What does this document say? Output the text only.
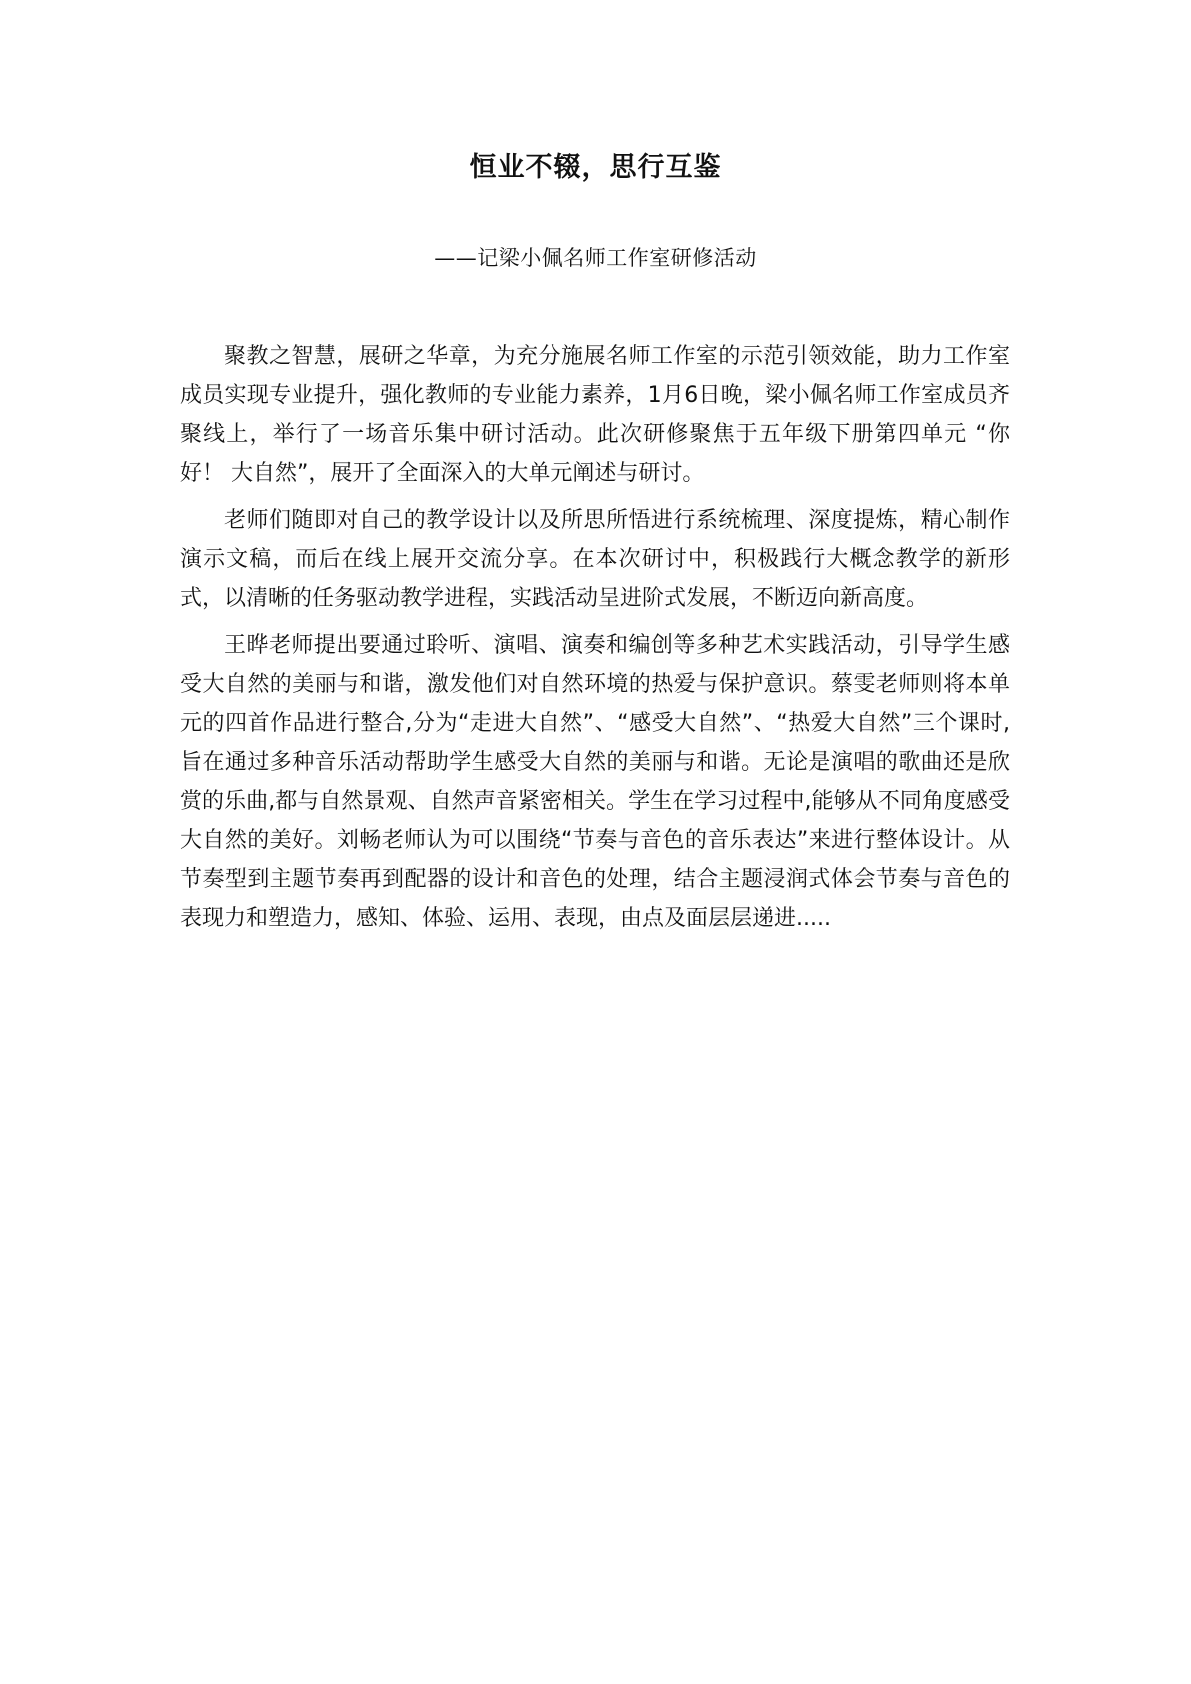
恒业不辍，思行互鉴
——记梁小佩名师工作室研修活动

聚教之智慧，展研之华章，为充分施展名师工作室的示范引领效能，助力工作室成员实现专业提升，强化教师的专业能力素养，1月6日晚，梁小佩名师工作室成员齐聚线上，举行了一场音乐集中研讨活动。此次研修聚焦于五年级下册第四单元 “你好！ 大自然”，展开了全面深入的大单元阐述与研讨。

老师们随即对自己的教学设计以及所思所悟进行系统梳理、深度提炼，精心制作演示文稿，而后在线上展开交流分享。在本次研讨中，积极践行大概念教学的新形式，以清晰的任务驱动教学进程，实践活动呈进阶式发展，不断迈向新高度。

王晔老师提出要通过聆听、演唱、演奏和编创等多种艺术实践活动，引导学生感受大自然的美丽与和谐，激发他们对自然环境的热爱与保护意识。蔡雯老师则将本单元的四首作品进行整合,分为“走进大自然”、“感受大自然”、“热爱大自然”三个课时,旨在通过多种音乐活动帮助学生感受大自然的美丽与和谐。无论是演唱的歌曲还是欣赏的乐曲,都与自然景观、自然声音紧密相关。学生在学习过程中,能够从不同角度感受大自然的美好。刘畅老师认为可以围绕“节奏与音色的音乐表达”来进行整体设计。从节奏型到主题节奏再到配器的设计和音色的处理，结合主题浸润式体会节奏与音色的表现力和塑造力，感知、体验、运用、表现，由点及面层层递进.....
